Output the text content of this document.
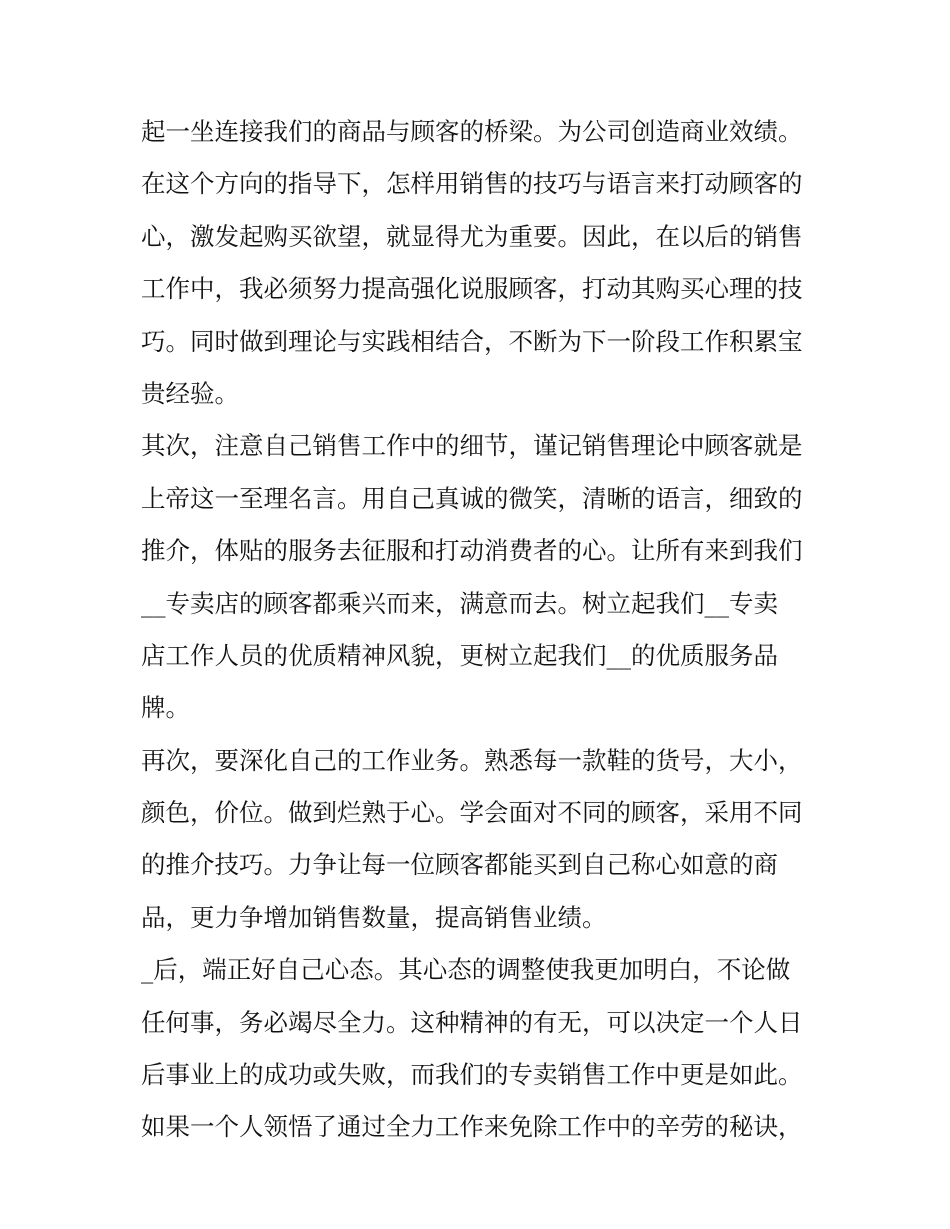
起一坐连接我们的商品与顾客的桥梁。为公司创造商业效绩。
在这个方向的指导下，怎样用销售的技巧与语言来打动顾客的
心，激发起购买欲望，就显得尤为重要。因此，在以后的销售
工作中，我必须努力提高强化说服顾客，打动其购买心理的技
巧。同时做到理论与实践相结合，不断为下一阶段工作积累宝
贵经验。
其次，注意自己销售工作中的细节，谨记销售理论中顾客就是
上帝这一至理名言。用自己真诚的微笑，清晰的语言，细致的
推介，体贴的服务去征服和打动消费者的心。让所有来到我们
__专卖店的顾客都乘兴而来，满意而去。树立起我们__专卖
店工作人员的优质精神风貌，更树立起我们__的优质服务品
牌。
再次，要深化自己的工作业务。熟悉每一款鞋的货号，大小，
颜色，价位。做到烂熟于心。学会面对不同的顾客，采用不同
的推介技巧。力争让每一位顾客都能买到自己称心如意的商
品，更力争增加销售数量，提高销售业绩。
_后，端正好自己心态。其心态的调整使我更加明白，不论做
任何事，务必竭尽全力。这种精神的有无，可以决定一个人日
后事业上的成功或失败，而我们的专卖销售工作中更是如此。
如果一个人领悟了通过全力工作来免除工作中的辛劳的秘诀，
